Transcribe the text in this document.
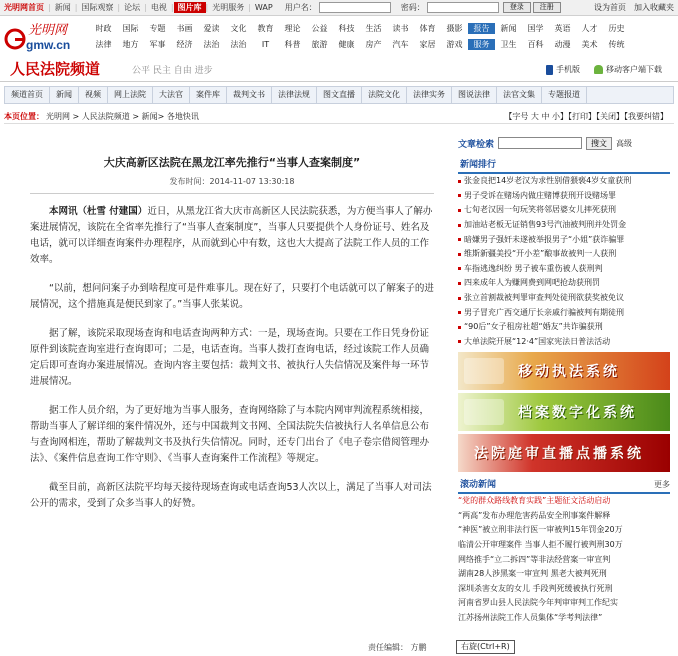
光明网首页 | 新闻 | 国际观察 | 论坛 | 电视 | 图片库 | 光明服务 | WAP	用户名：	密码：	登录	注册	设为首页 加入收藏夹
光明网
gmw.cn
时政	国际	专题	书画	爱读	文化	教育	理论	公益	科技	生活	读书	体育	摄影	报告	新闻	国学	英语	人才	历史
法律	地方	军事	经济	法治	法治	IT	科普	旅游	健康	房产	汽车	家居	游戏	服务	卫生	百科	动漫	美术	传统
人民法院频道	公平 民主 自由 进步	手机版	移动客户端下载
频道首页	新闻	视频	网上法院	大法官	案件库	裁判文书	法律法规	图文直播	法院文化	法律实务	图说法律	法官文集	专题报道
本页位置： 光明网 > 人民法院频道 > 新闻> 各地快讯	【字号 大 中 小】【打印】【关闭】【我要纠错】
大庆高新区法院在黑龙江率先推行“当事人查案制度”
发布时间：2014-11-07 13:30:18

本网讯（杜雪 付建国）近日，从黑龙江省大庆市高新区人民法院获悉，为方便当事人了解办案进展情况，该院在全省率先推行了“当事人查案制度”，当事人只要提供个人身份证号、姓名及电话，就可以详细查询案件办理程序，从而就到心中有数，这也大大提高了法院工作人员的工作效率。

“以前，想问问案子办到啥程度可是件难事儿。现在好了，只要打个电话就可以了解案子的进展情况，这个措施真是便民到家了。”当事人张某说。

据了解，该院采取现场查询和电话查询两种方式：一是，现场查询。只要在工作日凭身份证原件到该院查询室进行查询即可；二是，电话查询。当事人拨打查询电话，经过该院工作人员确定后即可查询办案进展情况。查询内容主要包括：裁判文书、被执行人失信情况及案件每一环节进展情况。

据工作人员介绍，为了更好地为当事人服务，查询网络除了与本院内网审判流程系统相接，帮助当事人了解详细的案件情况外，还与中国裁判文书网、全国法院失信被执行人名单信息公布与查询网相连，帮助了解裁判文书及执行失信情况。同时，还专门出台了《电子卷宗借阅管理办法》、《案件信息查询工作守则》、《当事人查询案件工作流程》等规定。

截至目前，高新区法院平均每天接待现场查询或电话查询53人次以上，满足了当事人对司法公开的需求，受到了众多当事人的好赞。

责任编辑： 方鹏
文章检索	搜文	高级
新闻排行
张金良把14岁老汉为求性别借猥亵4岁女童获刑
男子受诉在赌场内做庄赌博获刑开设赌场罪
七旬老汉因一句玩笑将邻居婆女儿摔死获刑
加油站老板无证销售93号汽油被判刑并处罚金
暗嫌男子强奸未遂被举报男子“小姐”获诈骗罪
维斯新疆美投“开小差”酿事故被判一人获刑
车指逃逸纠纷 男子被车重伤被人获刑判
四来成年人为赚网费到网吧抢劫获刑罚
张立首割裁被判罪审查判处徒刑欲获奖被免议
男子冒充广西交通厅长亲戚行骗被判有期徒刑
“90后”女子租房社超“婚友”共诈骗获刑
大单法院开展“12·4”国家宪法日普法活动
移动执法系统
档案数字化系统
法院庭审直播点播系统
滚动新闻	更多
“党的群众路线教育实践”主题征文活动启动
“两高”发布办理危害药品安全刑事案件解释
“神医”被立刑非法行医一审被判15年罚金20万
临清公开审理案件 当事人拒不履行被判刑30万
网络推手“立二拆四”等非法经营案一审宣判
湖南28人涉黑案一审宣判 黑老大被判死刑
深圳杀害女友的女儿 手段判死缓被执行死刑
河南省罗山县人民法院今年判审审判工作纪实
江苏扬州法院工作人员集体“学考判法律”
右旋(Ctrl+R)
